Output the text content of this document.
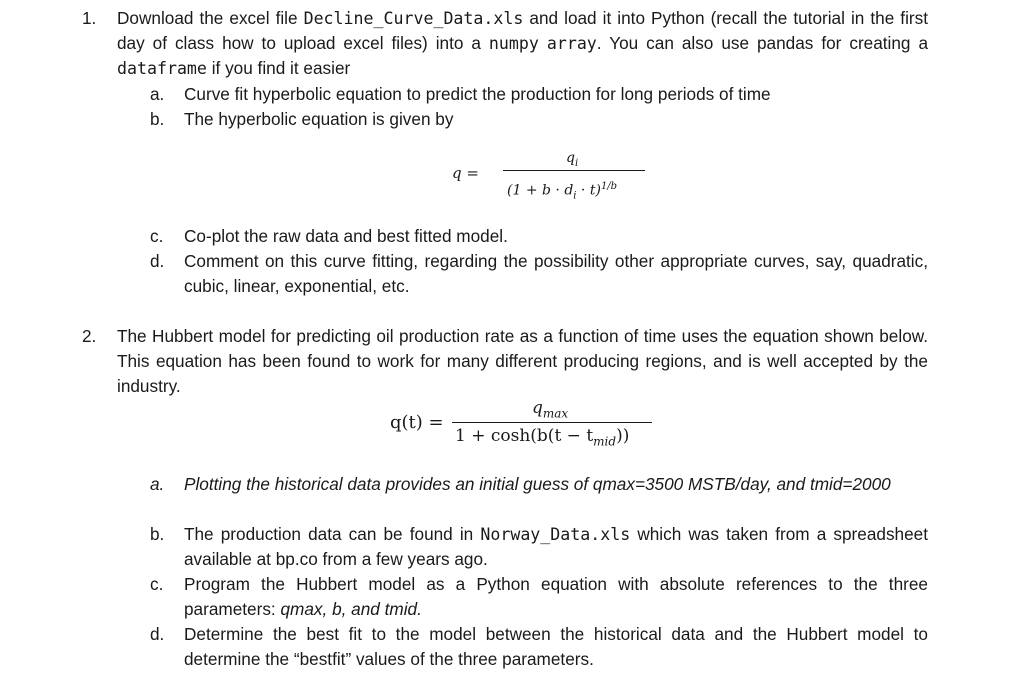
1.	Download the excel file Decline_Curve_Data.xls and load it into Python (recall the tutorial in the first day of class how to upload excel files) into a numpy array. You can also use pandas for creating a dataframe if you find it easier
a.	Curve fit hyperbolic equation to predict the production for long periods of time
b.	The hyperbolic equation is given by
q =
$q_i$
$(1 + b \cdot d_i \cdot t)^{1/b}$
c.	Co-plot the raw data and best fitted model.
d.	Comment on this curve fitting, regarding the possibility other appropriate curves, say, quadratic, cubic, linear, exponential, etc.
2.	The Hubbert model for predicting oil production rate as a function of time uses the equation shown below. This equation has been found to work for many different producing regions, and is well accepted by the industry.
q(t) =
$q_{max}$
$1 + \cosh(b(t - t_{mid}))$
a.	Plotting the historical data provides an initial guess of qmax=3500 MSTB/day, and tmid=2000
b.	The production data can be found in Norway_Data.xls which was taken from a spreadsheet available at bp.co from a few years ago.
c.	Program the Hubbert model as a Python equation with absolute references to the three parameters: qmax, b, and tmid.
d.	Determine the best fit to the model between the historical data and the Hubbert model to determine the “bestfit” values of the three parameters.
